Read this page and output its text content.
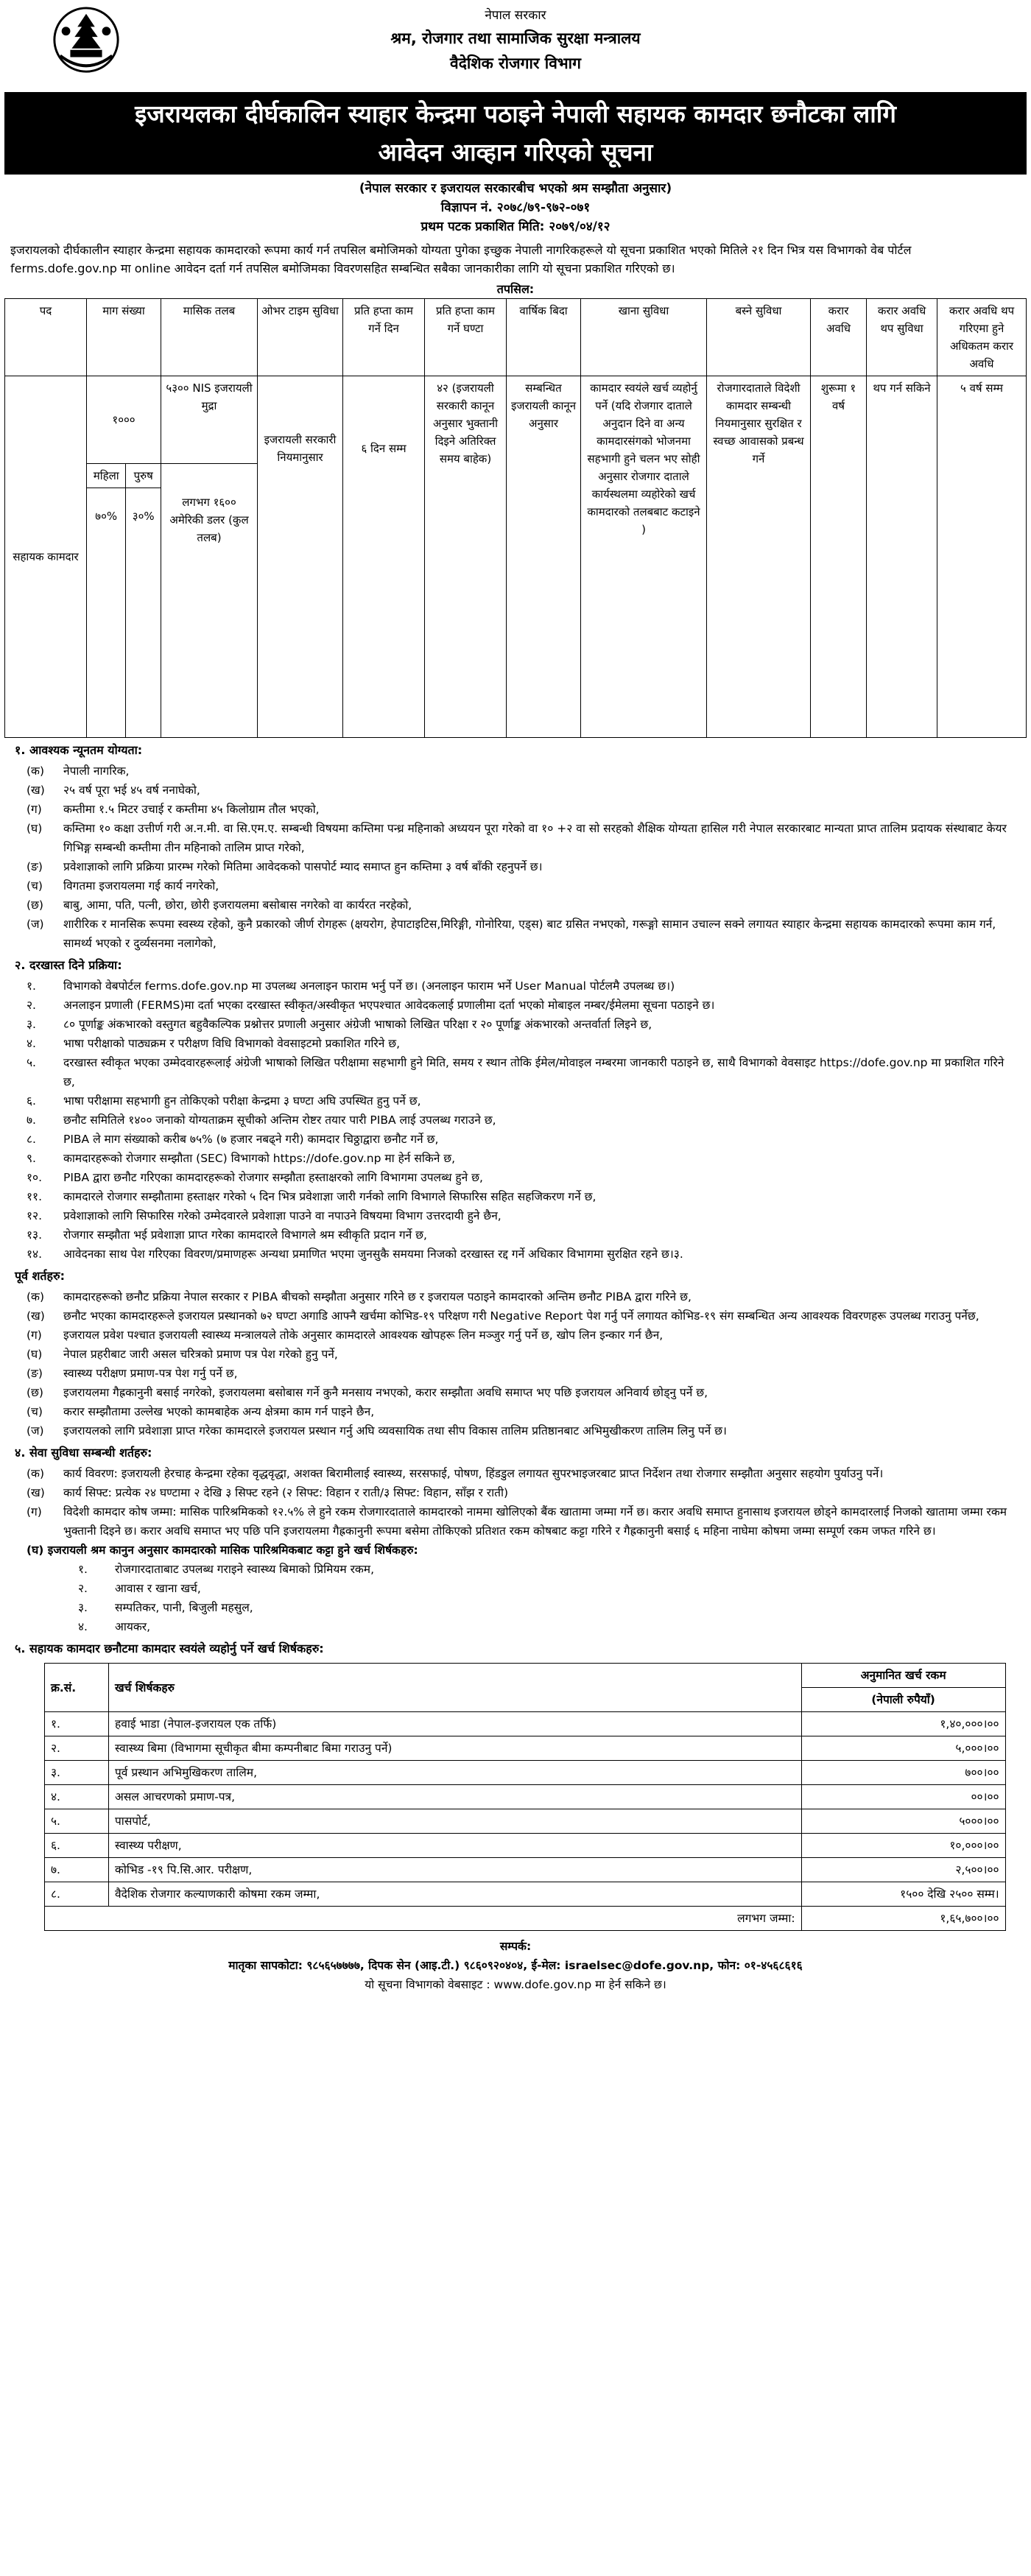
नेपाल सरकार
श्रम, रोजगार तथा सामाजिक सुरक्षा मन्त्रालय
वैदेशिक रोजगार विभाग
इजरायलका दीर्घकालिन स्याहार केन्द्रमा पठाइने नेपाली सहायक कामदार छनौटका लागि
आवेदन आव्हान गरिएको सूचना
(नेपाल सरकार र इजरायल सरकारबीच भएको श्रम सम्झौता अनुसार)
विज्ञापन नं. २०७८/७९-९७२-०७१
प्रथम पटक प्रकाशित मिति: २०७९/०४/१२
इजरायलको दीर्घकालीन स्याहार केन्द्रमा सहायक कामदारको रूपमा कार्य गर्न तपसिल बमोजिमको योग्यता पुगेका इच्छुक नेपाली नागरिकहरूले यो सूचना प्रकाशित भएको मितिले २१ दिन भित्र यस विभागको वेब पोर्टल ferms.dofe.gov.np मा online आवेदन दर्ता गर्न तपसिल बमोजिमका विवरणसहित सम्बन्धित सबैका जानकारीका लागि यो सूचना प्रकाशित गरिएको छ।
तपसिल:
पद	माग संख्या		मासिक तलब	ओभर टाइम सुविधा	प्रति हप्ता काम गर्ने दिन	प्रति हप्ता काम गर्ने घण्टा	वार्षिक बिदा	खाना सुविधा	बस्ने सुविधा	करार अवधि	करार अवधि थप सुविधा	करार अवधि थप गरिएमा हुने अधिकतम करार अवधि
सहायक कामदार	१०००		५३०० NIS इजरायली मुद्रा	इजरायली सरकारी नियमानुसार	६ दिन सम्म	४२ (इजरायली सरकारी कानून अनुसार भुक्तानी दिइने अतिरिक्त समय बाहेक)	सम्बन्धित इजरायली कानून अनुसार	कामदार स्वयंले खर्च व्यहोर्नु पर्ने (यदि रोजगार दाताले अनुदान दिने वा अन्य कामदारसंगको भोजनमा सहभागी हुने चलन भए सोही अनुसार रोजगार दाताले कार्यस्थलमा व्यहोरेको खर्च कामदारको तलबबाट कटाइने )	रोजगारदाताले विदेशी कामदार सम्बन्धी नियमानुसार सुरक्षित र स्वच्छ आवासको प्रबन्ध गर्ने	शुरूमा १ वर्ष	थप गर्न सकिने	५ वर्ष सम्म
	महिला	पुरुष	लगभग १६०० अमेरिकी डलर (कुल तलब)									

	७०%	३०%										
१. आवश्यक न्यूनतम योग्यता:
(क)	नेपाली नागरिक,
(ख)	२५ वर्ष पूरा भई ४५ वर्ष ननाघेको,
(ग)	कम्तीमा १.५ मिटर उचाई र कम्तीमा ४५ किलोग्राम तौल भएको,
(घ)	कम्तिमा १० कक्षा उत्तीर्ण गरी अ.न.मी. वा सि.एम.ए. सम्बन्धी विषयमा कम्तिमा पन्ध्र महिनाको अध्ययन पूरा गरेको वा १० +२ वा सो सरहको शैक्षिक योग्यता हासिल गरी नेपाल सरकारबाट मान्यता प्राप्त तालिम प्रदायक संस्थाबाट केयर गिभिङ्ग सम्बन्धी कम्तीमा तीन महिनाको तालिम प्राप्त गरेको,
(ङ)	प्रवेशाज्ञाको लागि प्रक्रिया प्रारम्भ गरेको मितिमा आवेदकको पासपोर्ट म्याद समाप्त हुन कम्तिमा ३ वर्ष बाँकी रहनुपर्ने छ।
(च)	विगतमा इजरायलमा गई कार्य नगरेको,
(छ)	बाबु, आमा, पति, पत्नी, छोरा, छोरी इजरायलमा बसोबास नगरेको वा कार्यरत नरहेको,
(ज)	शारीरिक र मानसिक रूपमा स्वस्थ्य रहेको, कुनै प्रकारको जीर्ण रोगहरू (क्षयरोग, हेपाटाइटिस,मिरिङ्गी, गोनोरिया, एड्स) बाट ग्रसित नभएको, गरूङ्गो सामान उचाल्न सक्ने लगायत स्याहार केन्द्रमा सहायक कामदारको रूपमा काम गर्न, सामर्थ्य भएको र दुर्व्यसनमा नलागेको,
२. दरखास्त दिने प्रक्रिया:
१.	विभागको वेबपोर्टल ferms.dofe.gov.np मा उपलब्ध अनलाइन फाराम भर्नु पर्ने छ। (अनलाइन फाराम भर्ने User Manual पोर्टलमै उपलब्ध छ।)
२.	अनलाइन प्रणाली (FERMS)मा दर्ता भएका दरखास्त स्वीकृत/अस्वीकृत भएपश्चात आवेदकलाई प्रणालीमा दर्ता भएको मोबाइल नम्बर/ईमेलमा सूचना पठाइने छ।
३.	८० पूर्णाङ्क अंकभारको वस्तुगत बहुवैकल्पिक प्रश्नोत्तर प्रणाली अनुसार अंग्रेजी भाषाको लिखित परिक्षा र २० पूर्णाङ्क अंकभारको अन्तर्वार्ता लिइने छ,
४.	भाषा परीक्षाको पाठ्यक्रम र परीक्षण विधि विभागको वेवसाइटमो प्रकाशित गरिने छ,
५.	दरखास्त स्वीकृत भएका उम्मेदवारहरूलाई अंग्रेजी भाषाको लिखित परीक्षामा सहभागी हुने मिति, समय र स्थान तोकि ईमेल/मोवाइल नम्बरमा जानकारी पठाइने छ, साथै विभागको वेवसाइट https://dofe.gov.np मा प्रकाशित गरिने छ,
६.	भाषा परीक्षामा सहभागी हुन तोकिएको परीक्षा केन्द्रमा ३ घण्टा अघि उपस्थित हुनु पर्ने छ,
७.	छनौट समितिले १४०० जनाको योग्यताक्रम सूचीको अन्तिम रोष्टर तयार पारी PIBA लाई उपलब्ध गराउने छ,
८.	PIBA ले माग संख्याको करीब ७५% (७ हजार नबढ्ने गरी) कामदार चिठ्ठाद्वारा छनौट गर्ने छ,
९.	कामदारहरूको रोजगार सम्झौता (SEC) विभागको https://dofe.gov.np मा हेर्न सकिने छ,
१०.	PIBA द्वारा छनौट गरिएका कामदारहरूको रोजगार सम्झौता हस्ताक्षरको लागि विभागमा उपलब्ध हुने छ,
११.	कामदारले रोजगार सम्झौतामा हस्ताक्षर गरेको ५ दिन भित्र प्रवेशाज्ञा जारी गर्नको लागि विभागले सिफारिस सहित सहजिकरण गर्ने छ,
१२.	प्रवेशाज्ञाको लागि सिफारिस गरेको उम्मेदवारले प्रवेशाज्ञा पाउने वा नपाउने विषयमा विभाग उत्तरदायी हुने छैन,
१३.	रोजगार सम्झौता भई प्रवेशाज्ञा प्राप्त गरेका कामदारले विभागले श्रम स्वीकृति प्रदान गर्ने छ,
१४.	आवेदनका साथ पेश गरिएका विवरण/प्रमाणहरू अन्यथा प्रमाणित भएमा जुनसुकै समयमा निजको दरखास्त रद्द गर्ने अधिकार विभागमा सुरक्षित रहने छ।३.
पूर्व शर्तहरु:
(क)	कामदारहरूको छनौट प्रक्रिया नेपाल सरकार र PIBA बीचको सम्झौता अनुसार गरिने छ र इजरायल पठाइने कामदारको अन्तिम छनौट PIBA द्वारा गरिने छ,
(ख)	छनौट भएका कामदारहरूले इजरायल प्रस्थानको ७२ घण्टा अगाडि आफ्नै खर्चमा कोभिड-१९ परिक्षण गरी Negative Report पेश गर्नु पर्ने लगायत कोभिड-१९ संग सम्बन्धित अन्य आवश्यक विवरणहरू उपलब्ध गराउनु पर्नेछ,
(ग)	इजरायल प्रवेश पश्चात इजरायली स्वास्थ्य मन्त्रालयले तोके अनुसार कामदारले आवश्यक खोपहरू लिन मञ्जुर गर्नु पर्ने छ, खोप लिन इन्कार गर्न छैन,
(घ)	नेपाल प्रहरीबाट जारी असल चरित्रको प्रमाण पत्र पेश गरेको हुनु पर्ने,
(ङ)	स्वास्थ्य परीक्षण प्रमाण-पत्र पेश गर्नु पर्ने छ,
(छ)	इजरायलमा गैह्रकानुनी बसाई नगरेको, इजरायलमा बसोबास गर्ने कुनै मनसाय नभएको, करार सम्झौता अवधि समाप्त भए पछि इजरायल अनिवार्य छोड्नु पर्ने छ,
(च)	करार सम्झौतामा उल्लेख भएको कामबाहेक अन्य क्षेत्रमा काम गर्न पाइने छैन,
(ज)	इजरायलको लागि प्रवेशाज्ञा प्राप्त गरेका कामदारले इजरायल प्रस्थान गर्नु अघि व्यवसायिक तथा सीप विकास तालिम प्रतिष्ठानबाट अभिमुखीकरण तालिम लिनु पर्ने छ।
४. सेवा सुविधा सम्बन्धी शर्तहरु:
(क)	कार्य विवरण: इजरायली हेरचाह केन्द्रमा रहेका वृद्धवृद्धा, अशक्त बिरामीलाई स्वास्थ्य, सरसफाई, पोषण, हिंडडुल लगायत सुपरभाइजरबाट प्राप्त निर्देशन तथा रोजगार सम्झौता अनुसार सहयोग पुर्याउनु पर्ने।
(ख)	कार्य सिफ्ट: प्रत्येक २४ घण्टामा २ देखि ३ सिफ्ट रहने (२ सिफ्ट: विहान र राती/३ सिफ्ट: विहान, साँझ र राती)
(ग)	विदेशी कामदार कोष जम्मा: मासिक पारिश्रमिकको १२.५% ले हुने रकम रोजगारदाताले कामदारको नाममा खोलिएको बैंक खातामा जम्मा गर्ने छ। करार अवधि समाप्त हुनासाथ इजरायल छोड्ने कामदारलाई निजको खातामा जम्मा रकम भुक्तानी दिइने छ। करार अवधि समाप्त भए पछि पनि इजरायलमा गैह्रकानुनी रूपमा बसेमा तोकिएको प्रतिशत रकम कोषबाट कट्टा गरिने र गैह्रकानुनी बसाई ६ महिना नाघेमा कोषमा जम्मा सम्पूर्ण रकम जफत गरिने छ।
(घ) इजरायली श्रम कानुन अनुसार कामदारको मासिक पारिश्रमिकबाट कट्टा हुने खर्च शिर्षकहरु:
१.	रोजगारदाताबाट उपलब्ध गराइने स्वास्थ्य बिमाको प्रिमियम रकम,
२.	आवास र खाना खर्च,
३.	सम्पतिकर, पानी, बिजुली महसुल,
४.	आयकर,
५. सहायक कामदार छनौटमा कामदार स्वयंले व्यहोर्नु पर्ने खर्च शिर्षकहरु:
क्र.सं.	खर्च शिर्षकहरु	अनुमानित खर्च रकम
		(नेपाली रुपैयाँ)
१.	हवाई भाडा (नेपाल-इजरायल एक तर्फि)	१,४०,०००।००
२.	स्वास्थ्य बिमा (विभागमा सूचीकृत बीमा कम्पनीबाट बिमा गराउनु पर्ने)	५,०००।००
३.	पूर्व प्रस्थान अभिमुखिकरण तालिम,	७००।००
४.	असल आचरणको प्रमाण-पत्र,	००।००
५.	पासपोर्ट,	५०००।००
६.	स्वास्थ्य परीक्षण,	१०,०००।००
७.	कोभिड -१९ पि.सि.आर. परीक्षण,	२,५००।००
८.	वैदेशिक रोजगार कल्याणकारी कोषमा रकम जम्मा,	१५०० देखि २५०० सम्म।
लगभग जम्मा:		१,६५,७००।००
सम्पर्क:
मातृका सापकोटा: ९८५६५७७७७, दिपक सेन (आइ.टी.) ९८६०९२०४०४, ई-मेल: israelsec@dofe.gov.np, फोन: ०१-४५६८६१६
यो सूचना विभागको वेबसाइट : www.dofe.gov.np मा हेर्न सकिने छ।
